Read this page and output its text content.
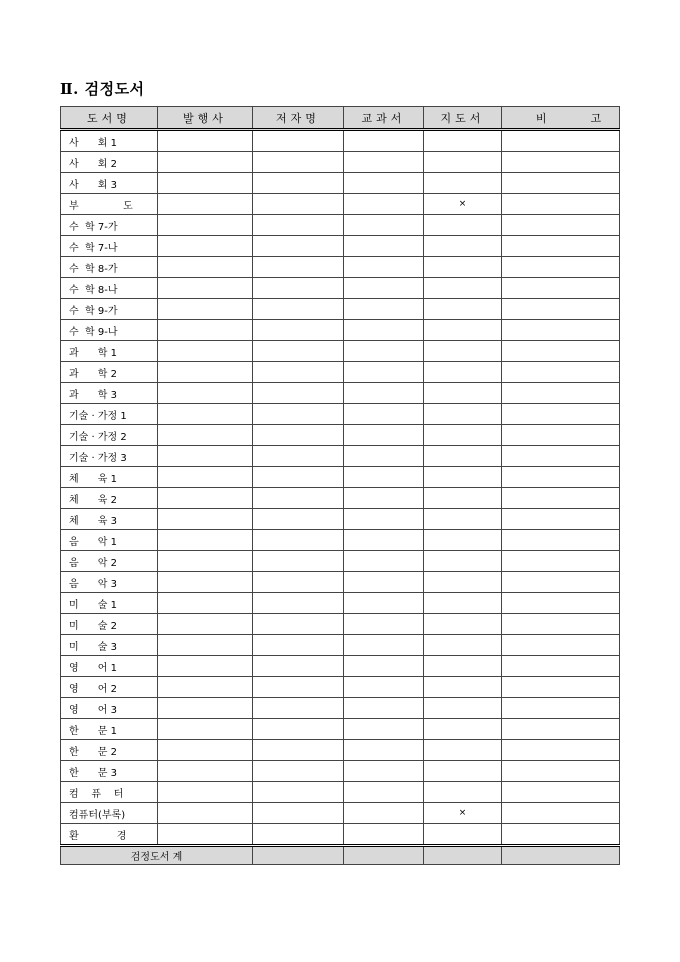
Ⅱ. 검정도서
도서명	발행사	저자명	교과서	지도서	비 고
사      회 1					
사      회 2					
사      회 3					
부              도				×	
수  학 7-가					
수  학 7-나					
수  학 8-가					
수  학 8-나					
수  학 9-가					
수  학 9-나					
과      학 1					
과      학 2					
과      학 3					
기술 · 가정 1					
기술 · 가정 2					
기술 · 가정 3					
체      육 1					
체      육 2					
체      육 3					
음      악 1					
음      악 2					
음      악 3					
미      술 1					
미      술 2					
미      술 3					
영      어 1					
영      어 2					
영      어 3					
한      문 1					
한      문 2					
한      문 3					
컴    퓨    터					
컴퓨터(부록)				×	
환            경					
검정도서 계					
